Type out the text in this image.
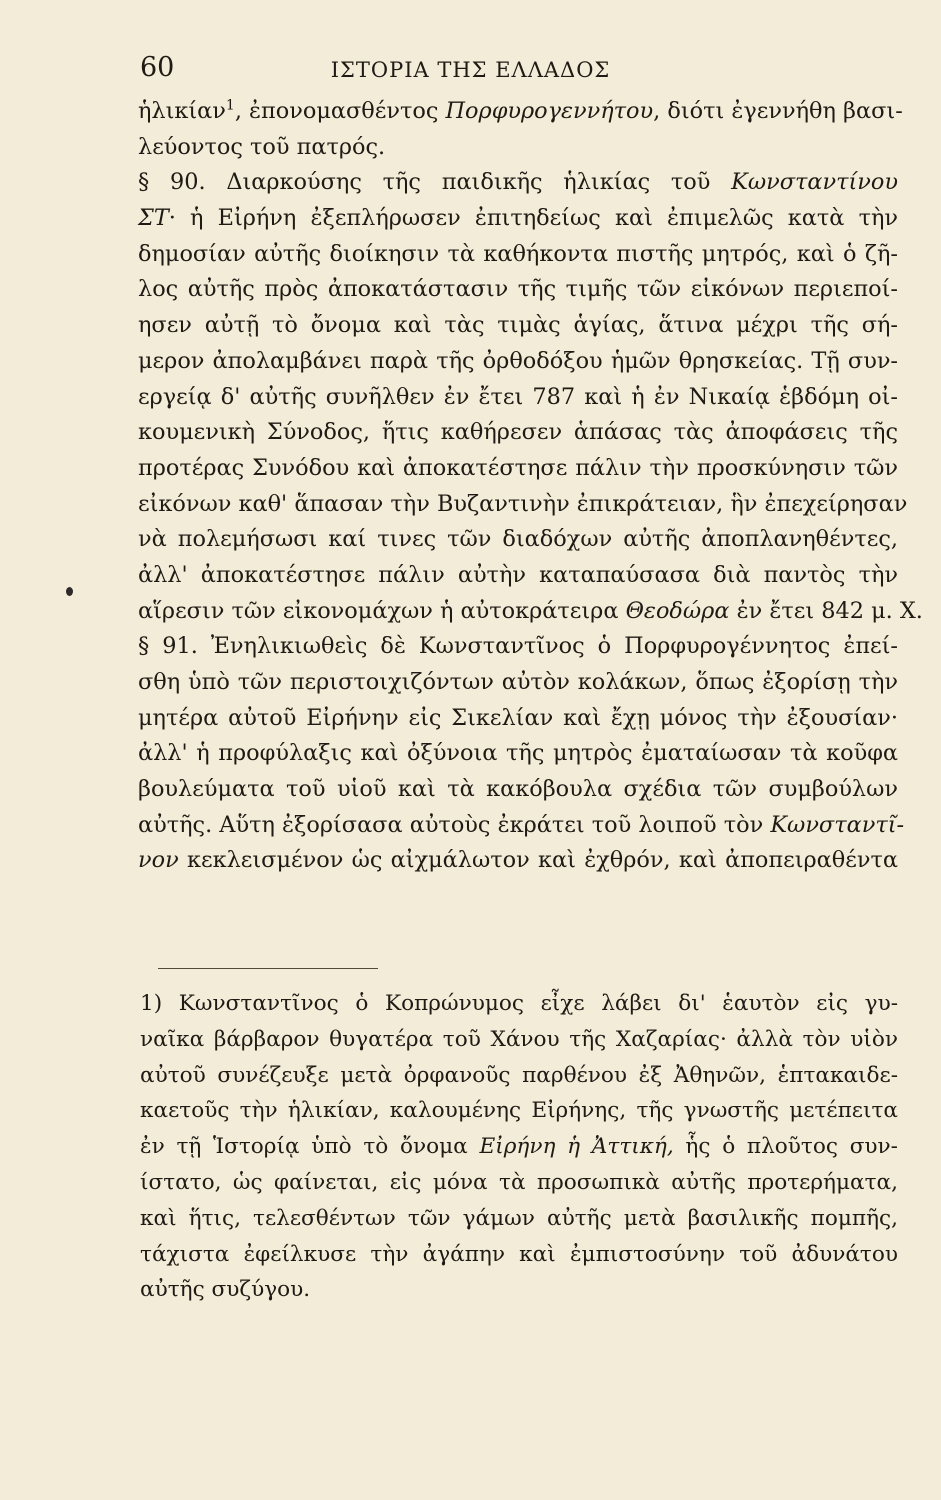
60	ΙΣΤΟΡΙΑ ΤΗΣ ΕΛΛΑΔΟΣ
ἡλικίαν$^1$, ἐπονομασθέντος Πορφυρογεννήτου, διότι ἐγεννήθη βασι-
λεύοντος τοῦ πατρός.
§ 90. Διαρκούσης τῆς παιδικῆς ἡλικίας τοῦ Κωνσταντίνου
ΣΤ· ἡ Εἰρήνη ἐξεπλήρωσεν ἐπιτηδείως καὶ ἐπιμελῶς κατὰ τὴν
δημοσίαν αὐτῆς διοίκησιν τὰ καθήκοντα πιστῆς μητρός, καὶ ὁ ζῆ-
λος αὐτῆς πρὸς ἀποκατάστασιν τῆς τιμῆς τῶν εἰκόνων περιεποί-
ησεν αὐτῇ τὸ ὄνομα καὶ τὰς τιμὰς ἁγίας, ἅτινα μέχρι τῆς σή-
μερον ἀπολαμβάνει παρὰ τῆς ὀρθοδόξου ἡμῶν θρησκείας. Τῇ συν-
εργείᾳ δ' αὐτῆς συνῆλθεν ἐν ἔτει 787 καὶ ἡ ἐν Νικαίᾳ ἑβδόμη οἰ-
κουμενικὴ Σύνοδος, ἥτις καθήρεσεν ἁπάσας τὰς ἀποφάσεις τῆς
προτέρας Συνόδου καὶ ἀποκατέστησε πάλιν τὴν προσκύνησιν τῶν
εἰκόνων καθ' ἅπασαν τὴν Βυζαντινὴν ἐπικράτειαν, ἣν ἐπεχείρησαν
νὰ πολεμήσωσι καί τινες τῶν διαδόχων αὐτῆς ἀποπλανηθέντες,
ἀλλ' ἀποκατέστησε πάλιν αὐτὴν καταπαύσασα διὰ παντὸς τὴν
αἵρεσιν τῶν εἰκονομάχων ἡ αὐτοκράτειρα Θεοδώρα ἐν ἔτει 842 μ. Χ.
§ 91. Ἐνηλικιωθεὶς δὲ Κωνσταντῖνος ὁ Πορφυρογέννητος ἐπεί-
σθη ὑπὸ τῶν περιστοιχιζόντων αὐτὸν κολάκων, ὅπως ἐξορίσῃ τὴν
μητέρα αὐτοῦ Εἰρήνην εἰς Σικελίαν καὶ ἔχῃ μόνος τὴν ἐξουσίαν·
ἀλλ' ἡ προφύλαξις καὶ ὀξύνοια τῆς μητρὸς ἐματαίωσαν τὰ κοῦφα
βουλεύματα τοῦ υἱοῦ καὶ τὰ κακόβουλα σχέδια τῶν συμβούλων
αὐτῆς. Αὕτη ἐξορίσασα αὐτοὺς ἐκράτει τοῦ λοιποῦ τὸν Κωνσταντῖ-
νον κεκλεισμένον ὡς αἰχμάλωτον καὶ ἐχθρόν, καὶ ἀποπειραθέντα
1) Κωνσταντῖνος ὁ Κοπρώνυμος εἶχε λάβει δι' ἑαυτὸν εἰς γυ-
ναῖκα βάρβαρον θυγατέρα τοῦ Χάνου τῆς Χαζαρίας· ἀλλὰ τὸν υἱὸν
αὐτοῦ συνέζευξε μετὰ ὀρφανοῦς παρθένου ἐξ Ἀθηνῶν, ἑπτακαιδε-
καετοῦς τὴν ἡλικίαν, καλουμένης Εἰρήνης, τῆς γνωστῆς μετέπειτα
ἐν τῇ Ἱστορίᾳ ὑπὸ τὸ ὄνομα Εἰρήνη ἡ Ἀττική, ἧς ὁ πλοῦτος συν-
ίστατο, ὡς φαίνεται, εἰς μόνα τὰ προσωπικὰ αὐτῆς προτερήματα,
καὶ ἥτις, τελεσθέντων τῶν γάμων αὐτῆς μετὰ βασιλικῆς πομπῆς,
τάχιστα ἐφείλκυσε τὴν ἀγάπην καὶ ἐμπιστοσύνην τοῦ ἀδυνάτου
αὐτῆς συζύγου.
